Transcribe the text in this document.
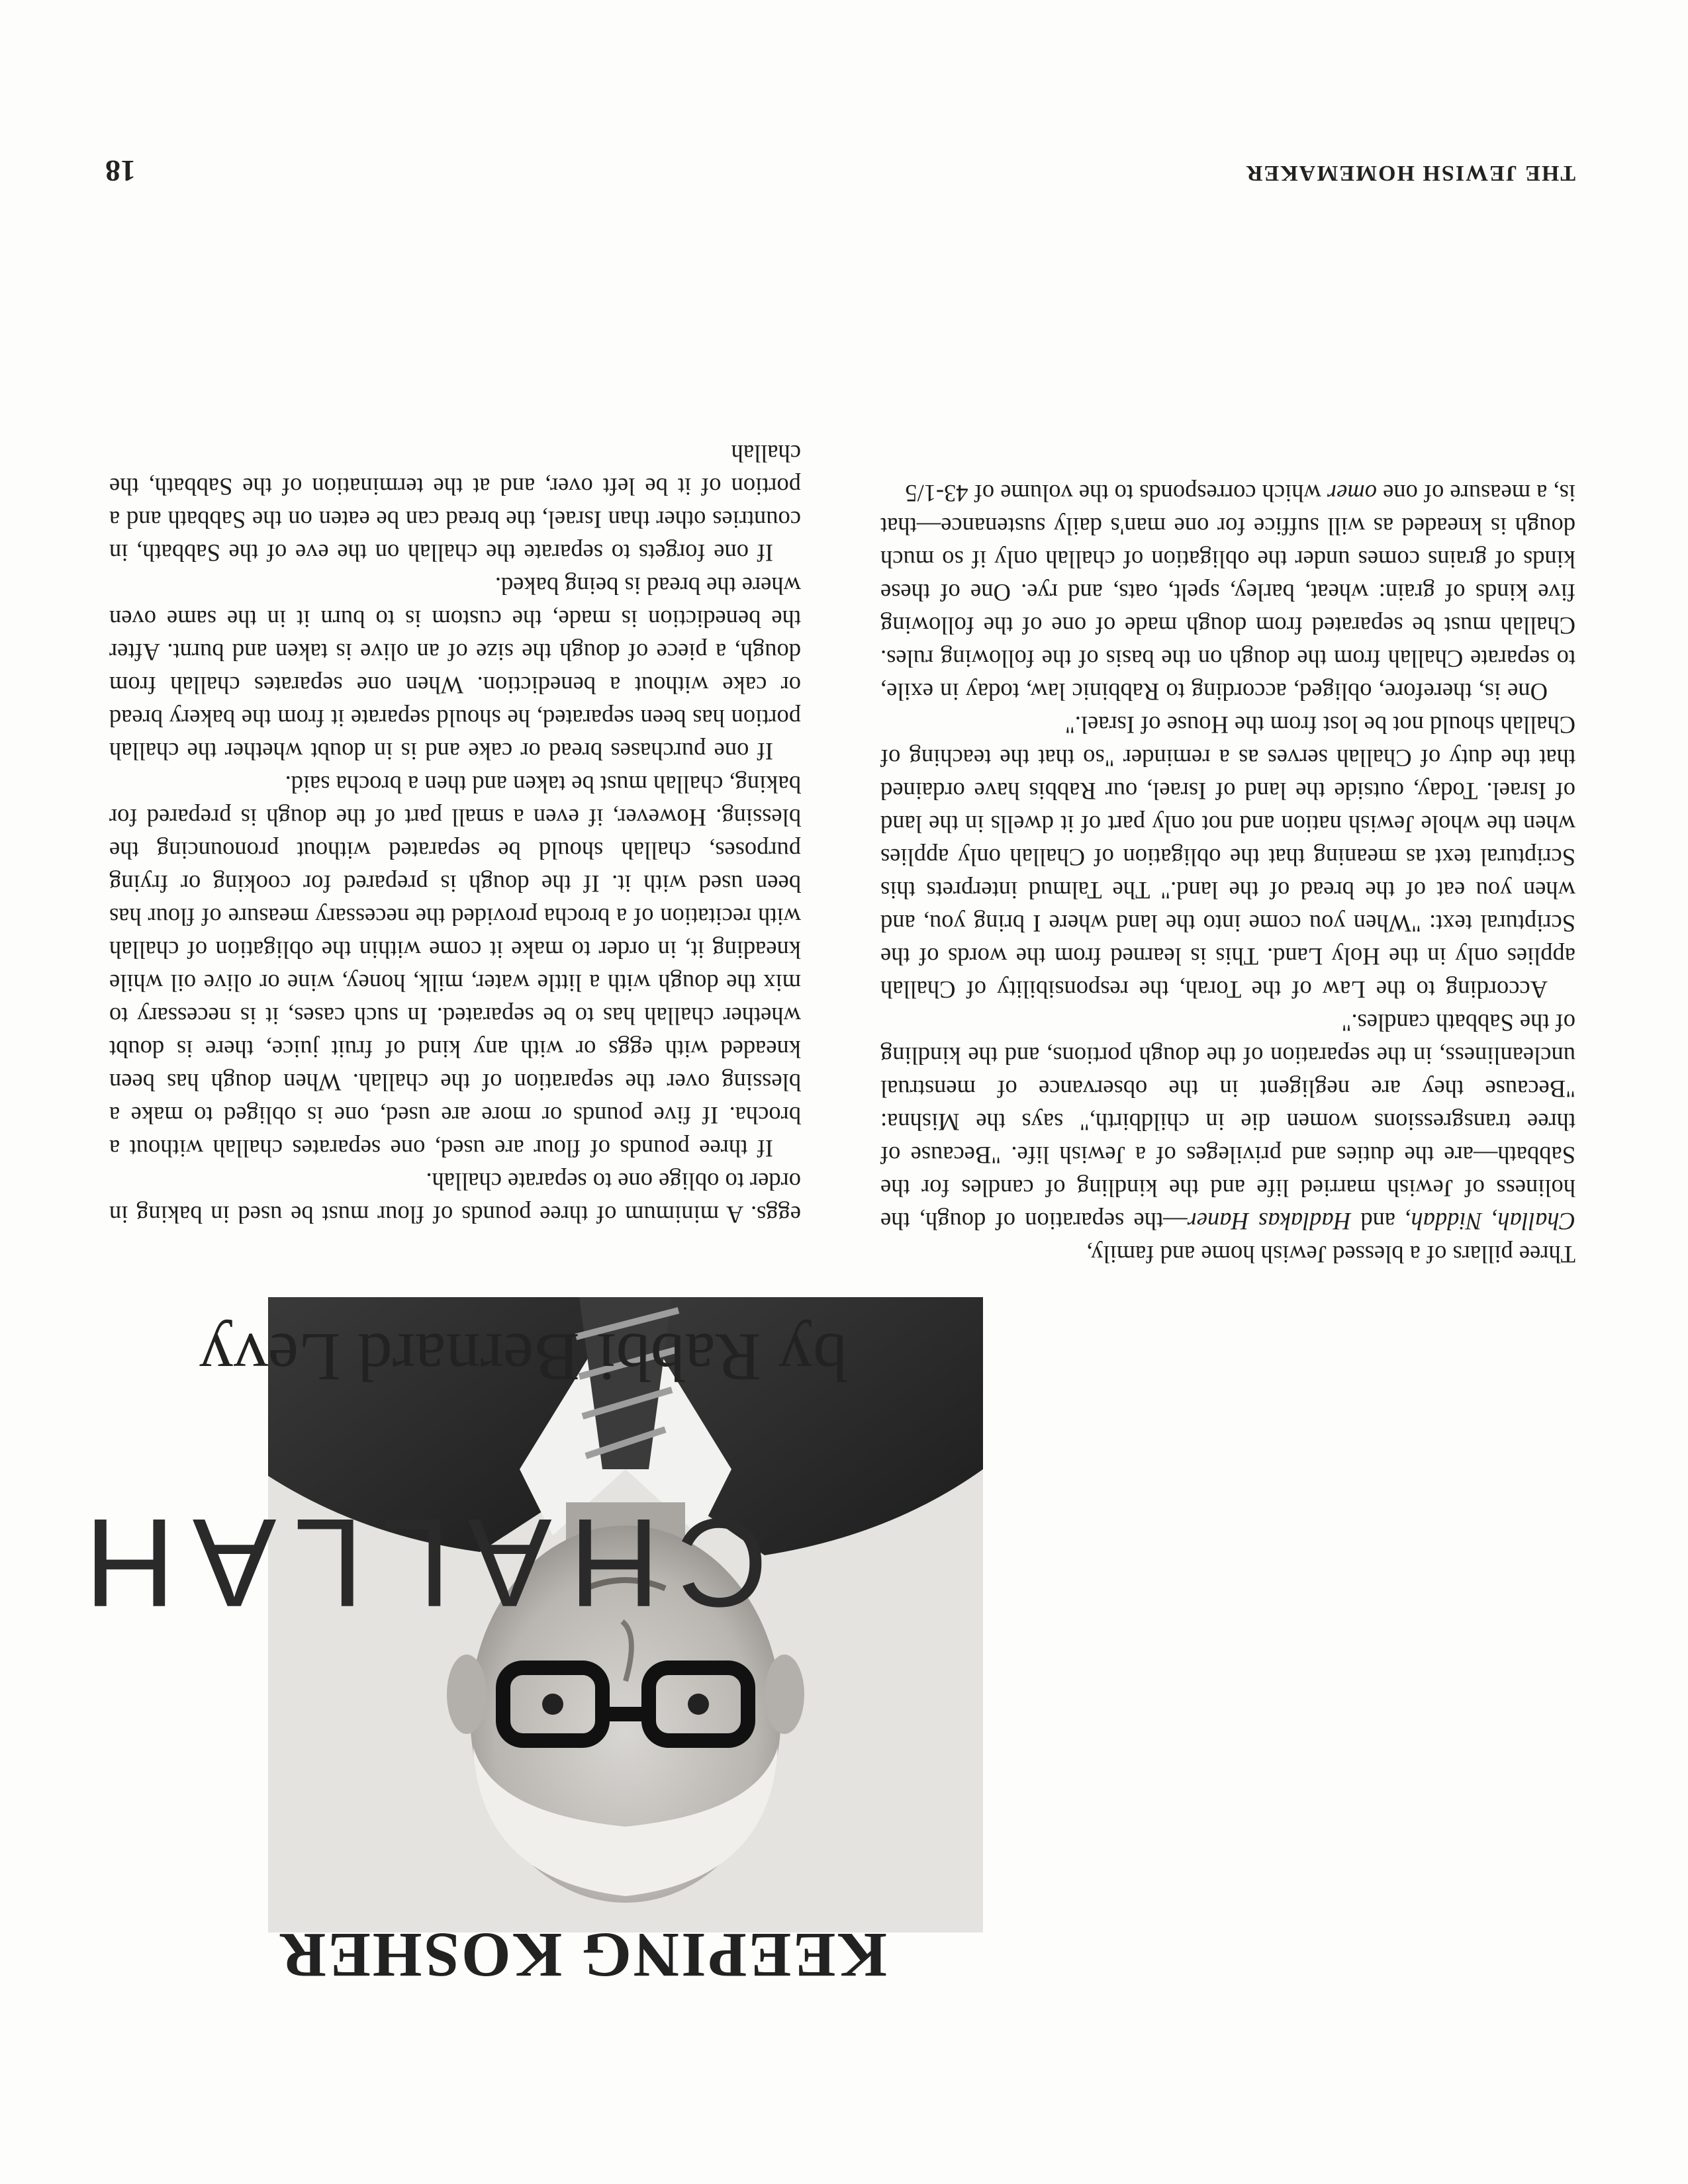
KEEPING KOSHER
CHALLAH
by Rabbi Bernard Levy

Three pillars of a blessed Jewish home and family,
Challah, Niddah, and Hadlakas Haner—the separation of dough, the holiness of Jewish married life and the kindling of candles for the Sabbath—are the duties and privileges of a Jewish life. "Because of three transgressions women die in childbirth," says the Mishna: "Because they are negligent in the observance of menstrual uncleanliness, in the separation of the dough portions, and the kindling of the Sabbath candles."

According to the Law of the Torah, the responsibility of Challah applies only in the Holy Land. This is learned from the words of the Scriptural text: "When you come into the land where I bring you, and when you eat of the bread of the land." The Talmud interprets this Scriptural text as meaning that the obligation of Challah only applies when the whole Jewish nation and not only part of it dwells in the land of Israel. Today, outside the land of Israel, our Rabbis have ordained that the duty of Challah serves as a reminder "so that the teaching of Challah should not be lost from the House of Israel."

One is, therefore, obliged, according to Rabbinic law, today in exile, to separate Challah from the dough on the basis of the following rules. Challah must be separated from dough made of one of the following five kinds of grain: wheat, barley, spelt, oats, and rye. One of these kinds of grains comes under the obligation of challah only if so much dough is kneaded as will suffice for one man's daily sustenance—that is, a measure of one omer which corresponds to the volume of 43-1/5

eggs. A minimum of three pounds of flour must be used in baking in order to oblige one to separate challah.

If three pounds of flour are used, one separates challah without a brocha. If five pounds or more are used, one is obliged to make a blessing over the separation of the challah. When dough has been kneaded with eggs or with any kind of fruit juice, there is doubt whether challah has to be separated. In such cases, it is necessary to mix the dough with a little water, milk, honey, wine or olive oil while kneading it, in order to make it come within the obligation of challah with recitation of a brocha provided the necessary measure of flour has been used with it. If the dough is prepared for cooking or frying purposes, challah should be separated without pronouncing the blessing. However, if even a small part of the dough is prepared for baking, challah must be taken and then a brocha said.

If one purchases bread or cake and is in doubt whether the challah portion has been separated, he should separate it from the bakery bread or cake without a benediction. When one separates challah from dough, a piece of dough the size of an olive is taken and burnt. After the benediction is made, the custom is to burn it in the same oven where the bread is being baked.

If one forgets to separate the challah on the eve of the Sabbath, in countries other than Israel, the bread can be eaten on the Sabbath and a portion of it be left over, and at the termination of the Sabbath, the challah

18	THE JEWISH HOMEMAKER
